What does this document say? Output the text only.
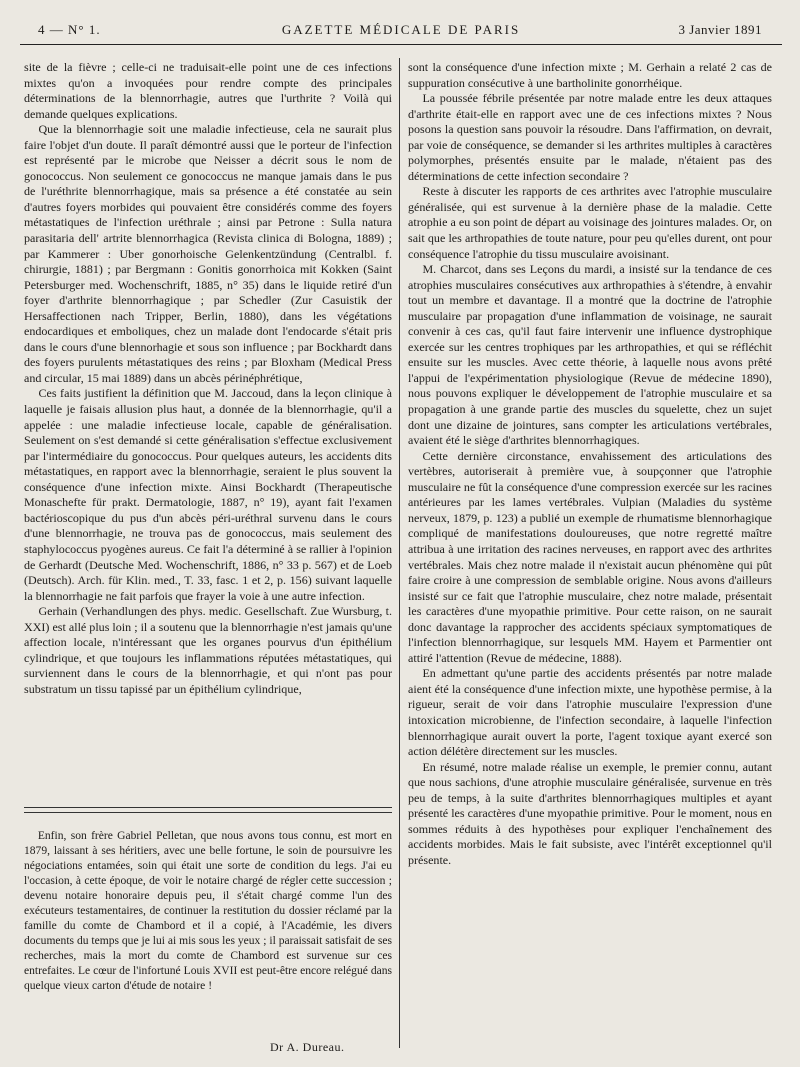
4 — N° 1.	GAZETTE MÉDICALE DE PARIS	3 Janvier 1891

site de la fièvre ; celle-ci ne traduisait-elle point une de ces infections mixtes qu'on a invoquées pour rendre compte des principales déterminations de la blennorrhagie, autres que l'urthrite ? Voilà qui demande quelques explications.

Que la blennorrhagie soit une maladie infectieuse, cela ne saurait plus faire l'objet d'un doute. Il paraît démontré aussi que le porteur de l'infection est représenté par le microbe que Neisser a décrit sous le nom de gonococcus. Non seulement ce gonococcus ne manque jamais dans le pus de l'uréthrite blennorrhagique, mais sa présence a été constatée au sein d'autres foyers morbides qui pouvaient être considérés comme des foyers métastatiques de l'infection uréthrale ; ainsi par Petrone : Sulla natura parasitaria dell' artrite blennorrhagica (Revista clinica di Bologna, 1889) ; par Kammerer : Uber gonorhoische Gelenkentzündung (Centralbl. f. chirurgie, 1881) ; par Bergmann : Gonitis gonorrhoica mit Kokken (Saint Petersburger med. Wochenschrift, 1885, n° 35) dans le liquide retiré d'un foyer d'arthrite blennorrhagique ; par Schedler (Zur Casuistik der Hersaffectionen nach Tripper, Berlin, 1880), dans les végétations endocardiques et emboliques, chez un malade dont l'endocarde s'était pris dans le cours d'une blennorhagie et sous son influence ; par Bockhardt dans des foyers purulents métastatiques des reins ; par Bloxham (Medical Press and circular, 15 mai 1889) dans un abcès périnéphrétique,

Ces faits justifient la définition que M. Jaccoud, dans la leçon clinique à laquelle je faisais allusion plus haut, a donnée de la blennorrhagie, qu'il a appelée : une maladie infectieuse locale, capable de généralisation. Seulement on s'est demandé si cette généralisation s'effectue exclusivement par l'intermédiaire du gonococcus. Pour quelques auteurs, les accidents dits métastatiques, en rapport avec la blennorrhagie, seraient le plus souvent la conséquence d'une infection mixte. Ainsi Bockhardt (Therapeutische Monaschefte für prakt. Dermatologie, 1887, n° 19), ayant fait l'examen bactérioscopique du pus d'un abcès péri-uréthral survenu dans le cours d'une blennorrhagie, ne trouva pas de gonococcus, mais seulement des staphylococcus pyogènes aureus. Ce fait l'a déterminé à se rallier à l'opinion de Gerhardt (Deutsche Med. Wochenschrift, 1886, n° 33 p. 567) et de Loeb (Deutsch). Arch. für Klin. med., T. 33, fasc. 1 et 2, p. 156) suivant laquelle la blennorrhagie ne fait parfois que frayer la voie à une autre infection.

Gerhain (Verhandlungen des phys. medic. Gesellschaft. Zue Wursburg, t. XXI) est allé plus loin ; il a soutenu que la blennorrhagie n'est jamais qu'une affection locale, n'intéressant que les organes pourvus d'un épithélium cylindrique, et que toujours les inflammations réputées métastatiques, qui surviennent dans le cours de la blennorrhagie, et qui n'ont pas pour substratum un tissu tapissé par un épithélium cylindrique,

Enfin, son frère Gabriel Pelletan, que nous avons tous connu, est mort en 1879, laissant à ses héritiers, avec une belle fortune, le soin de poursuivre les négociations entamées, soin qui était une sorte de condition du legs. J'ai eu l'occasion, à cette époque, de voir le notaire chargé de régler cette succession ; devenu notaire honoraire depuis peu, il s'était chargé comme l'un des exécuteurs testamentaires, de continuer la restitution du dossier réclamé par la famille du comte de Chambord et il a copié, à l'Académie, les divers documents du temps que je lui ai mis sous les yeux ; il paraissait satisfait de ses recherches, mais la mort du comte de Chambord est survenue sur ces entrefaites. Le cœur de l'infortuné Louis XVII est peut-être encore relégué dans quelque vieux carton d'étude de notaire !

Dr A. Dureau.

sont la conséquence d'une infection mixte ; M. Gerhain a relaté 2 cas de suppuration consécutive à une bartholinite gonorrhéique.

La poussée fébrile présentée par notre malade entre les deux attaques d'arthrite était-elle en rapport avec une de ces infections mixtes ? Nous posons la question sans pouvoir la résoudre. Dans l'affirmation, on devrait, par voie de conséquence, se demander si les arthrites multiples à caractères polymorphes, présentés ensuite par le malade, n'étaient pas des déterminations de cette infection secondaire ?

Reste à discuter les rapports de ces arthrites avec l'atrophie musculaire généralisée, qui est survenue à la dernière phase de la maladie. Cette atrophie a eu son point de départ au voisinage des jointures malades. Or, on sait que les arthropathies de toute nature, pour peu qu'elles durent, ont pour conséquence l'atrophie du tissu musculaire avoisinant.

M. Charcot, dans ses Leçons du mardi, a insisté sur la tendance de ces atrophies musculaires consécutives aux arthropathies à s'étendre, à envahir tout un membre et davantage. Il a montré que la doctrine de l'atrophie musculaire par propagation d'une inflammation de voisinage, ne saurait convenir à ces cas, qu'il faut faire intervenir une influence dystrophique exercée sur les centres trophiques par les arthropathies, et qui se réfléchit ensuite sur les muscles. Avec cette théorie, à laquelle nous avons prêté l'appui de l'expérimentation physiologique (Revue de médecine 1890), nous pouvons expliquer le développement de l'atrophie musculaire et sa propagation à une grande partie des muscles du squelette, chez un sujet dont une dizaine de jointures, sans compter les articulations vertébrales, avaient été le siège d'arthrites blennorrhagiques.

Cette dernière circonstance, envahissement des articulations des vertèbres, autoriserait à première vue, à soupçonner que l'atrophie musculaire ne fût la conséquence d'une compression exercée sur les racines antérieures par les lames vertébrales. Vulpian (Maladies du système nerveux, 1879, p. 123) a publié un exemple de rhumatisme blennorhagique compliqué de manifestations douloureuses, que notre regretté maître attribua à une irritation des racines nerveuses, en rapport avec des arthrites vertébrales. Mais chez notre malade il n'existait aucun phénomène qui pût faire croire à une compression de semblable origine. Nous avons d'ailleurs insisté sur ce fait que l'atrophie musculaire, chez notre malade, présentait les caractères d'une myopathie primitive. Pour cette raison, on ne saurait donc davantage la rapprocher des accidents spéciaux symptomatiques de l'infection blennorrhagique, sur lesquels MM. Hayem et Parmentier ont attiré l'attention (Revue de médecine, 1888).

En admettant qu'une partie des accidents présentés par notre malade aient été la conséquence d'une infection mixte, une hypothèse permise, à la rigueur, serait de voir dans l'atrophie musculaire l'expression d'une intoxication microbienne, de l'infection secondaire, à laquelle l'infection blennorrhagique aurait ouvert la porte, l'agent toxique ayant exercé son action délétère directement sur les muscles.

En résumé, notre malade réalise un exemple, le premier connu, autant que nous sachions, d'une atrophie musculaire généralisée, survenue en très peu de temps, à la suite d'arthrites blennorrhagiques multiples et ayant présenté les caractères d'une myopathie primitive. Pour le moment, nous en sommes réduits à des hypothèses pour expliquer l'enchaînement des accidents morbides. Mais le fait subsiste, avec l'intérêt exceptionnel qu'il présente.
